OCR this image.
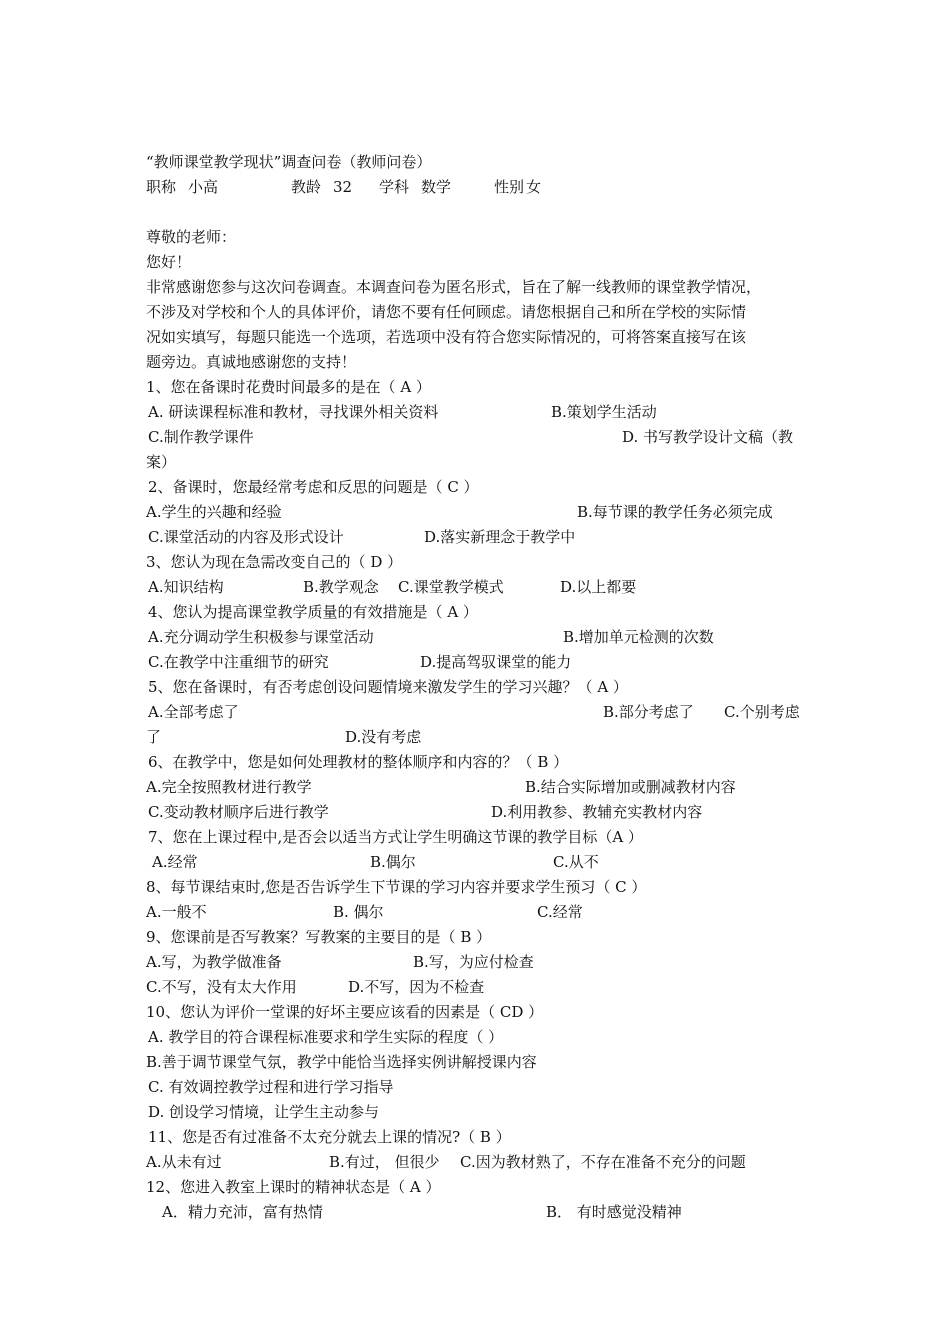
“教师课堂教学现状”调查问卷（教师问卷）
职称 小高	教龄 32 学科 数学	性别 女
尊敬的老师：
您好！
非常感谢您参与这次问卷调查。本调查问卷为匿名形式，旨在了解一线教师的课堂教学情况，
不涉及对学校和个人的具体评价，请您不要有任何顾虑。请您根据自己和所在学校的实际情
况如实填写，每题只能选一个选项，若选项中没有符合您实际情况的，可将答案直接写在该
题旁边。真诚地感谢您的支持！
1、您在备课时花费时间最多的是在（ A ）
A. 研读课程标准和教材，寻找课外相关资料	B.策划学生活动
C.制作教学课件	D. 书写教学设计文稿（教
案）
2、备课时，您最经常考虑和反思的问题是（ C ）
A.学生的兴趣和经验	B.每节课的教学任务必须完成
C.课堂活动的内容及形式设计	D.落实新理念于教学中
3、您认为现在急需改变自己的（ D ）
A.知识结构	B.教学观念 C.课堂教学模式	D.以上都要
4、您认为提高课堂教学质量的有效措施是（ A ）
A.充分调动学生积极参与课堂活动	B.增加单元检测的次数
C.在教学中注重细节的研究	D.提高驾驭课堂的能力
5、您在备课时，有否考虑创设问题情境来激发学生的学习兴趣？（ A ）
A.全部考虑了	B.部分考虑了 C.个别考虑
了	D.没有考虑
6、在教学中，您是如何处理教材的整体顺序和内容的？（ B ）
A.完全按照教材进行教学	B.结合实际增加或删减教材内容
C.变动教材顺序后进行教学	D.利用教参、教辅充实教材内容
7、您在上课过程中,是否会以适当方式让学生明确这节课的教学目标（A ）
A.经常	B.偶尔	C.从不
8、每节课结束时,您是否告诉学生下节课的学习内容并要求学生预习（ C ）
A.一般不	B. 偶尔	C.经常
9、您课前是否写教案？写教案的主要目的是（ B ）
A.写，为教学做准备	B.写，为应付检查
C.不写，没有太大作用	D.不写，因为不检查
10、您认为评价一堂课的好坏主要应该看的因素是（ CD ）
A. 教学目的符合课程标准要求和学生实际的程度（ ）
B.善于调节课堂气氛，教学中能恰当选择实例讲解授课内容
C. 有效调控教学过程和进行学习指导
D. 创设学习情境，让学生主动参与
11、您是否有过准备不太充分就去上课的情况?（ B ）
A.从未有过	B.有过， 但很少 C.因为教材熟了，不存在准备不充分的问题
12、您进入教室上课时的精神状态是（ A ）
A．精力充沛，富有热情	B． 有时感觉没精神
